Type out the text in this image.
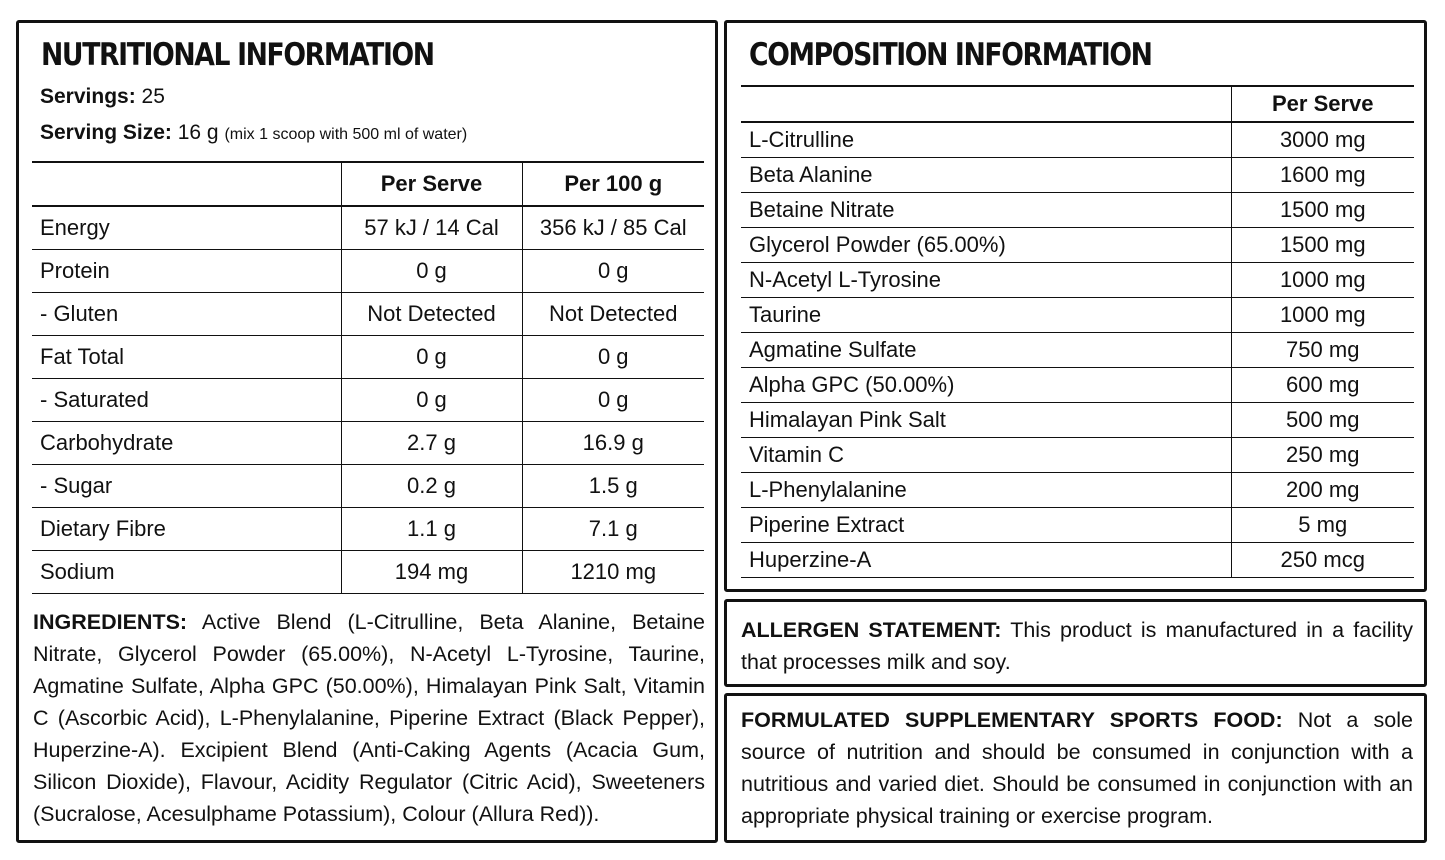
NUTRITIONAL INFORMATION
Servings: 25
Serving Size: 16 g (mix 1 scoop with 500 ml of water)
	Per Serve	Per 100 g
Energy	57 kJ / 14 Cal	356 kJ / 85 Cal
Protein	0 g	0 g
- Gluten	Not Detected	Not Detected
Fat Total	0 g	0 g
- Saturated	0 g	0 g
Carbohydrate	2.7 g	16.9 g
- Sugar	0.2 g	1.5 g
Dietary Fibre	1.1 g	7.1 g
Sodium	194 mg	1210 mg
INGREDIENTS: Active Blend (L-Citrulline, Beta Alanine, Betaine Nitrate, Glycerol Powder (65.00%), N-Acetyl L-Tyrosine, Taurine, Agmatine Sulfate, Alpha GPC (50.00%), Himalayan Pink Salt, Vitamin C (Ascorbic Acid), L-Phenylalanine, Piperine Extract (Black Pepper), Huperzine-A). Excipient Blend (Anti-Caking Agents (Acacia Gum, Silicon Dioxide), Flavour, Acidity Regulator (Citric Acid), Sweeteners (Sucralose, Acesulphame Potassium), Colour (Allura Red)).
COMPOSITION INFORMATION
	Per Serve
L-Citrulline	3000 mg
Beta Alanine	1600 mg
Betaine Nitrate	1500 mg
Glycerol Powder (65.00%)	1500 mg
N-Acetyl L-Tyrosine	1000 mg
Taurine	1000 mg
Agmatine Sulfate	750 mg
Alpha GPC (50.00%)	600 mg
Himalayan Pink Salt	500 mg
Vitamin C	250 mg
L-Phenylalanine	200 mg
Piperine Extract	5 mg
Huperzine-A	250 mcg
ALLERGEN STATEMENT: This product is manufactured in a facility that processes milk and soy.
FORMULATED SUPPLEMENTARY SPORTS FOOD: Not a sole source of nutrition and should be consumed in conjunction with a nutritious and varied diet. Should be consumed in conjunction with an appropriate physical training or exercise program.
